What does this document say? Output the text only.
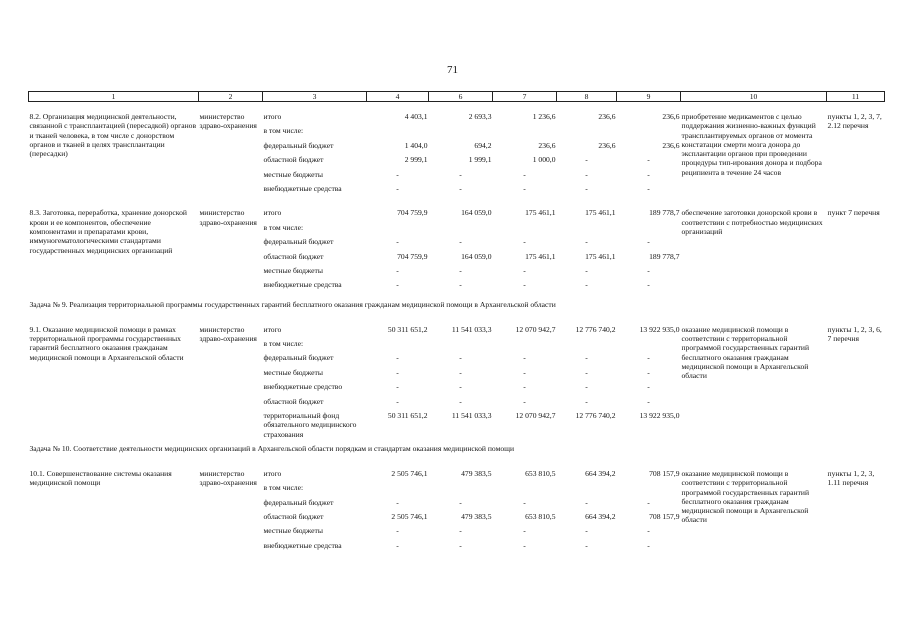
71
1	2	3	4	6	7	8	9	10	11

8.2. Организация медицинской деятельности, связанной с трансплантацией (пересадкой) органов и тканей человека, в том числе с донорством органов и тканей в целях трансплантации (пересадки)	министерство здраво-охранения	итого	4 403,1	2 693,3	1 236,6	236,6	236,6	приобретение медикаментов с целью поддержания жизненно-важных функций трансплантируемых органов от момента констатации смерти мозга донора до эксплантации органов при проведении процедуры тип-ирования донора и подбора реципиента в течение 24 часов	пункты 1, 2, 3, 7, 2.12 перечня
		в том числе:							
		федеральный бюджет	1 404,0	694,2	236,6	236,6	236,6		
		областной бюджет	2 999,1	1 999,1	1 000,0	-	-		
		местные бюджеты	-	-	-	-	-		
		внебюджетные средства	-	-	-	-	-		

8.3. Заготовка, переработка, хранение донорской крови и ее компонентов, обеспечение компонентами и препаратами крови, иммуногематологическими стандартами государственных медицинских организаций	министерство здраво-охранения	итого	704 759,9	164 059,0	175 461,1	175 461,1	189 778,7	обеспечение заготовки донорской крови в соответствии с потребностью медицинских организаций	пункт 7 перечня
		в том числе:							
		федеральный бюджет	-	-	-	-	-		
		областной бюджет	704 759,9	164 059,0	175 461,1	175 461,1	189 778,7		
		местные бюджеты	-	-	-	-	-		
		внебюджетные средства	-	-	-	-	-		
Задача № 9. Реализация территориальной программы государственных гарантий бесплатного оказания гражданам медицинской помощи в Архангельской области									

9.1. Оказание медицинской помощи в рамках территориальной программы государственных гарантий бесплатного оказания гражданам медицинской помощи в Архангельской области	министерство здраво-охранения	итого	50 311 651,2	11 541 033,3	12 070 942,7	12 776 740,2	13 922 935,0	оказание медицинской помощи в соответствии с территориальной программой государственных гарантий бесплатного оказания гражданам медицинской помощи в Архангельской области	пункты 1, 2, 3, 6, 7 перечня
		в том числе:							
		федеральный бюджет	-	-	-	-	-		
		местные бюджеты	-	-	-	-	-		
		внебюджетные средство	-	-	-	-	-		
		областной бюджет	-	-	-	-	-		
		территориальный фонд обязательного медицинского страхования	50 311 651,2	11 541 033,3	12 070 942,7	12 776 740,2	13 922 935,0		
Задача № 10. Соответствие деятельности медицинских организаций в Архангельской области порядкам и стандартам оказания медицинской помощи									

10.1. Совершенствование системы оказания медицинской помощи	министерство здраво-охранения	итого	2 505 746,1	479 383,5	653 810,5	664 394,2	708 157,9	оказание медицинской помощи в соответствии с территориальной программой государственных гарантий бесплатного оказания гражданам медицинской помощи в Архангельской области	пункты 1, 2, 3, 1.11 перечня
		в том числе:							
		федеральный бюджет	-	-	-	-	-		
		областной бюджет	2 505 746,1	479 383,5	653 810,5	664 394,2	708 157,9		
		местные бюджеты	-	-	-	-	-		
		внебюджетные средства	-	-	-	-	-		
